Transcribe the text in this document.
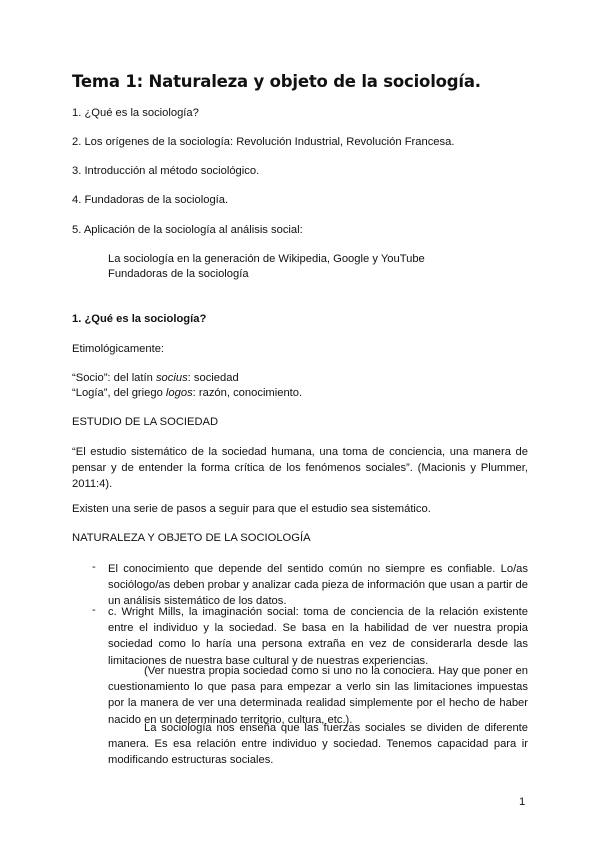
Tema 1: Naturaleza y objeto de la sociología.
1. ¿Qué es la sociología?
2. Los orígenes de la sociología: Revolución Industrial, Revolución Francesa.
3. Introducción al método sociológico.
4. Fundadoras de la sociología.
5. Aplicación de la sociología al análisis social:
La sociología en la generación de Wikipedia, Google y YouTube
Fundadoras de la sociología
1. ¿Qué es la sociología?
Etimológicamente:
“Socio”: del latín socius: sociedad
“Logía”, del griego logos: razón, conocimiento.
ESTUDIO DE LA SOCIEDAD
“El estudio sistemático de la sociedad humana, una toma de conciencia, una manera de pensar y de entender la forma crítica de los fenómenos sociales”. (Macionis y Plummer, 2011:4).
Existen una serie de pasos a seguir para que el estudio sea sistemático.
NATURALEZA Y OBJETO DE LA SOCIOLOGÍA
- El conocimiento que depende del sentido común no siempre es confiable. Lo/as sociólogo/as deben probar y analizar cada pieza de información que usan a partir de un análisis sistemático de los datos.
- c. Wright Mills, la imaginación social: toma de conciencia de la relación existente entre el individuo y la sociedad. Se basa en la habilidad de ver nuestra propia sociedad como lo haría una persona extraña en vez de considerarla desde las limitaciones de nuestra base cultural y de nuestras experiencias.
(Ver nuestra propia sociedad como si uno no la conociera. Hay que poner en cuestionamiento lo que pasa para empezar a verlo sin las limitaciones impuestas por la manera de ver una determinada realidad simplemente por el hecho de haber nacido en un determinado territorio, cultura, etc.).
La sociología nos enseña que las fuerzas sociales se dividen de diferente manera. Es esa relación entre individuo y sociedad. Tenemos capacidad para ir modificando estructuras sociales.
1
